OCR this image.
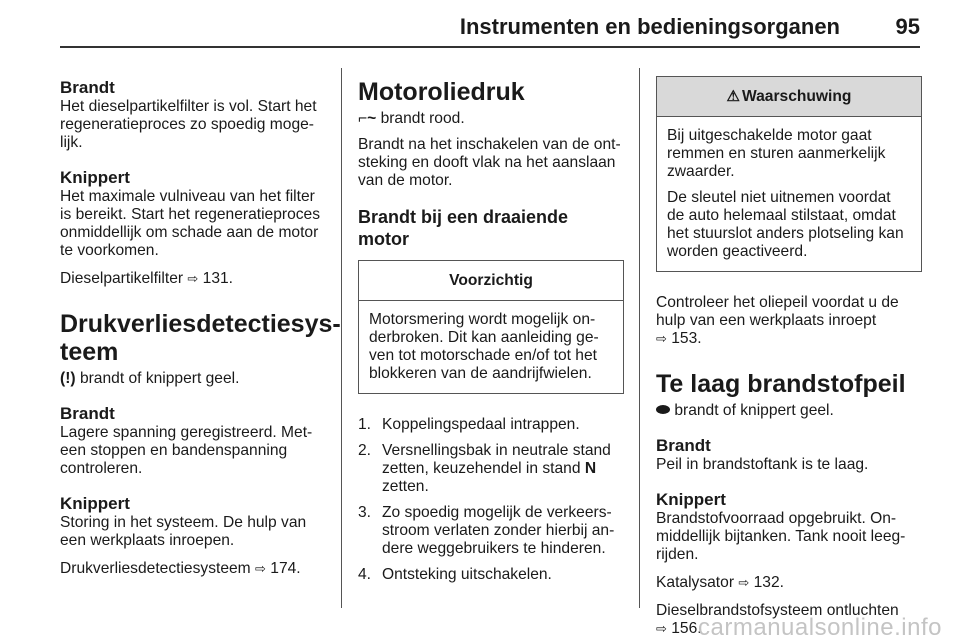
Instrumenten en bedieningsorganen	95
Brandt

Het dieselpartikelfilter is vol. Start het regeneratieproces zo spoedig moge-lijk.

Knippert

Het maximale vulniveau van het filter is bereikt. Start het regeneratieproces onmiddellijk om schade aan de motor te voorkomen.

Dieselpartikelfilter ⇨ 131.

Drukverliesdetectiesys-
teem

(!) brandt of knippert geel.

Brandt

Lagere spanning geregistreerd. Met-een stoppen en bandenspanning controleren.

Knippert

Storing in het systeem. De hulp van een werkplaats inroepen.

Drukverliesdetectiesysteem ⇨ 174.

Motoroliedruk

⌐~ brandt rood.

Brandt na het inschakelen van de ont-steking en dooft vlak na het aanslaan van de motor.

Brandt bij een draaiende motor
Voorzichtig
Motorsmering wordt mogelijk on-derbroken. Dit kan aanleiding ge-ven tot motorschade en/of tot het blokkeren van de aandrijfwielen.
1. Koppelingspedaal intrappen.
2. Versnellingsbak in neutrale stand zetten, keuzehendel in stand N zetten.
3. Zo spoedig mogelijk de verkeers-stroom verlaten zonder hierbij an-dere weggebruikers te hinderen.
4. Ontsteking uitschakelen.
⚠ Waarschuwing

Bij uitgeschakelde motor gaat remmen en sturen aanmerkelijk zwaarder.

De sleutel niet uitnemen voordat de auto helemaal stilstaat, omdat het stuurslot anders plotseling kan worden geactiveerd.

Controleer het oliepeil voordat u de hulp van een werkplaats inroept
⇨ 153.

Te laag brandstofpeil

brandt of knippert geel.

Brandt

Peil in brandstoftank is te laag.

Knippert

Brandstofvoorraad opgebruikt. On-middellijk bijtanken. Tank nooit leeg-rijden.

Katalysator ⇨ 132.

Dieselbrandstofsysteem ontluchten
⇨ 156.

carmanualsonline.info
